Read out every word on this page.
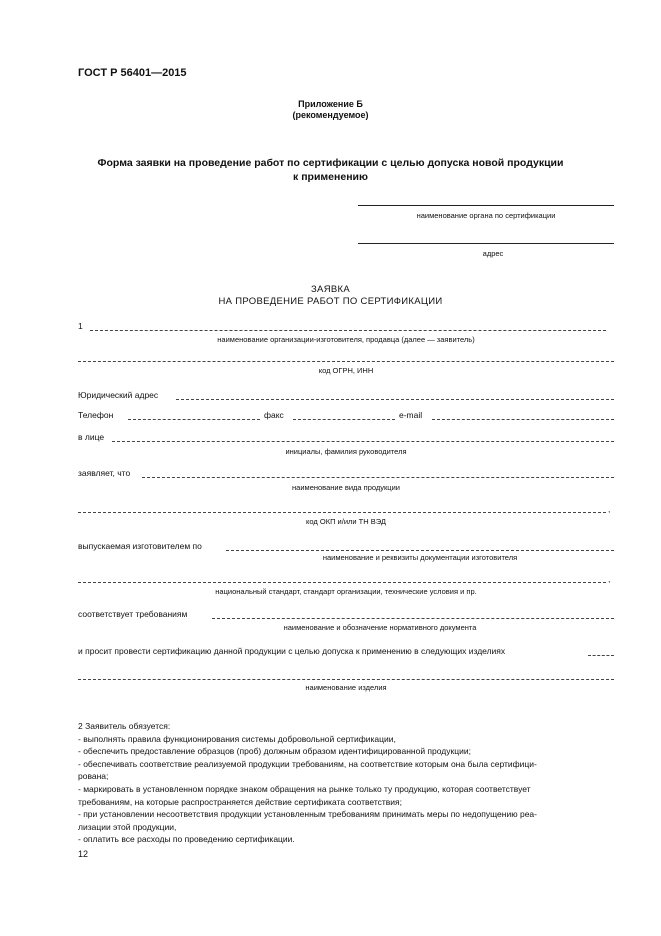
ГОСТ Р 56401—2015
Приложение Б
(рекомендуемое)
Форма заявки на проведение работ по сертификации с целью допуска новой продукции
к применению
наименование органа по сертификации
адрес
ЗАЯВКА
НА ПРОВЕДЕНИЕ РАБОТ ПО СЕРТИФИКАЦИИ
1
наименование организации-изготовителя, продавца (далее — заявитель)
код ОГРН, ИНН
Юридический адрес
Телефон	факс	e-mail
в лице
инициалы, фамилия руководителя
заявляет, что
наименование вида продукции
,
код ОКП и/или ТН ВЭД
выпускаемая изготовителем по
наименование и реквизиты документации изготовителя
,
национальный стандарт, стандарт организации, технические условия и пр.
соответствует требованиям
наименование и обозначение нормативного документа
и просит провести сертификацию данной продукции с целью допуска к применению в следующих изделиях
наименование изделия
2 Заявитель обязуется:
- выполнять правила функционирования системы добровольной сертификации,
- обеспечить предоставление образцов (проб) должным образом идентифицированной продукции;
- обеспечивать соответствие реализуемой продукции требованиям, на соответствие которым она была сертифици-
рована;
- маркировать в установленном порядке знаком обращения на рынке только ту продукцию, которая соответствует
требованиям, на которые распространяется действие сертификата соответствия;
- при установлении несоответствия продукции установленным требованиям принимать меры по недопущению реа-
лизации этой продукции,
- оплатить все расходы по проведению сертификации.
12
